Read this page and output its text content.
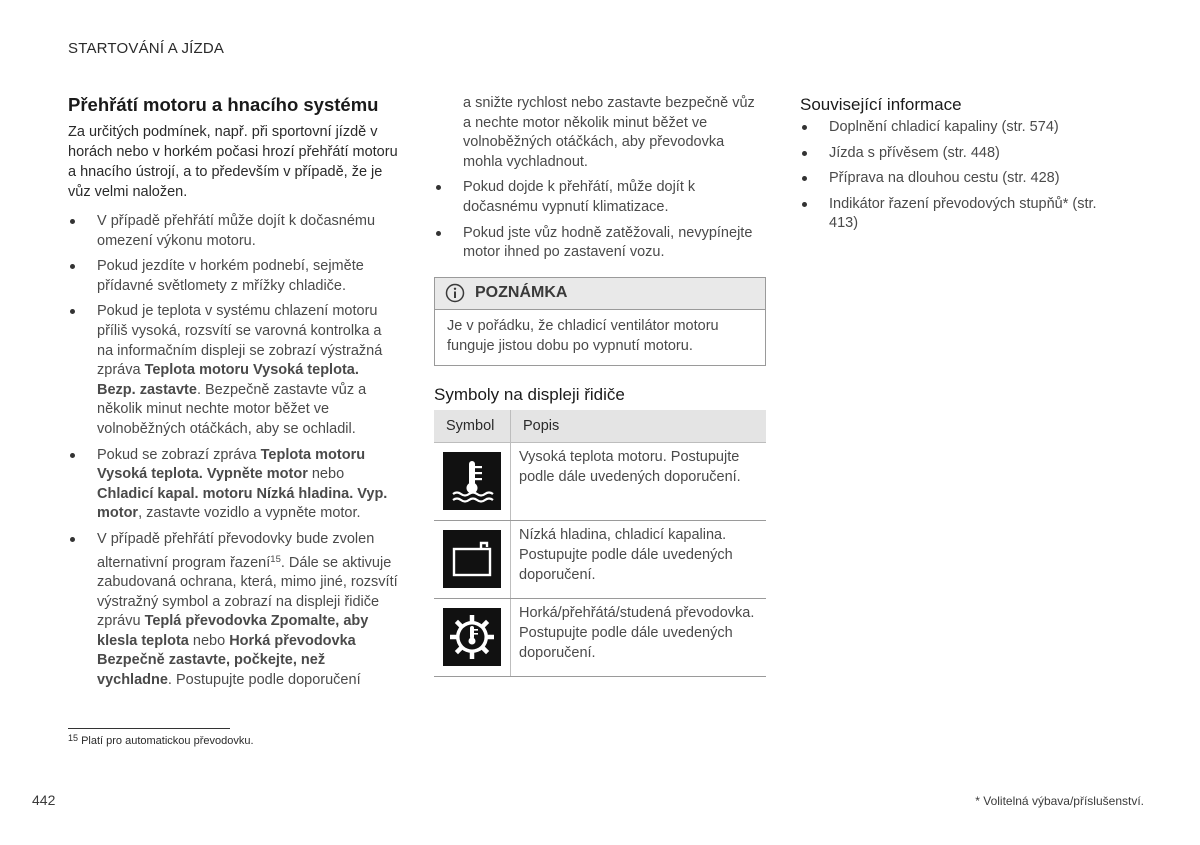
STARTOVÁNÍ A JÍZDA
Přehřátí motoru a hnacího systému

Za určitých podmínek, např. při sportovní jízdě v horách nebo v horkém počasi hrozí přehřátí motoru a hnacího ústrojí, a to především v případě, že je vůz velmi naložen.

V případě přehřátí může dojít k dočasnému omezení výkonu motoru.
Pokud jezdíte v horkém podnebí, sejměte přídavné světlomety z mřížky chladiče.
Pokud je teplota v systému chlazení motoru příliš vysoká, rozsvítí se varovná kontrolka a na informačním displeji se zobrazí výstražná zpráva Teplota motoru Vysoká teplota. Bezp. zastavte. Bezpečně zastavte vůz a několik minut nechte motor běžet ve volnoběžných otáčkách, aby se ochladil.
Pokud se zobrazí zpráva Teplota motoru Vysoká teplota. Vypněte motor nebo Chladicí kapal. motoru Nízká hladina. Vyp. motor, zastavte vozidlo a vypněte motor.
V případě přehřátí převodovky bude zvolen alternativní program řazení$^{15}$. Dále se aktivuje zabudovaná ochrana, která, mimo jiné, rozsvítí výstražný symbol a zobrazí na displeji řidiče zprávu Teplá převodovka Zpomalte, aby klesla teplota nebo Horká převodovka Bezpečně zastavte, počkejte, než vychladne. Postupujte podle doporučení

a snižte rychlost nebo zastavte bezpečně vůz a nechte motor několik minut běžet ve volnoběžných otáčkách, aby převodovka mohla vychladnout.

Pokud dojde k přehřátí, může dojít k dočasnému vypnutí klimatizace.
Pokud jste vůz hodně zatěžovali, nevypínejte motor ihned po zastavení vozu.
POZNÁMKA
Je v pořádku, že chladicí ventilátor motoru funguje jistou dobu po vypnutí motoru.
Symboly na displeji řidiče
Symbol	Popis

	Vysoká teplota motoru. Postupujte podle dále uvedených doporučení.

	Nízká hladina, chladicí kapalina. Postupujte podle dále uvedených doporučení.

	Horká/přehřátá/studená převodovka. Postupujte podle dále uvedených doporučení.
Související informace
Doplnění chladicí kapaliny (str. 574)
Jízda s přívěsem (str. 448)
Příprava na dlouhou cestu (str. 428)
Indikátor řazení převodových stupňů* (str. 413)
$^{15}$ Platí pro automatickou převodovku.
442	* Volitelná výbava/příslušenství.
